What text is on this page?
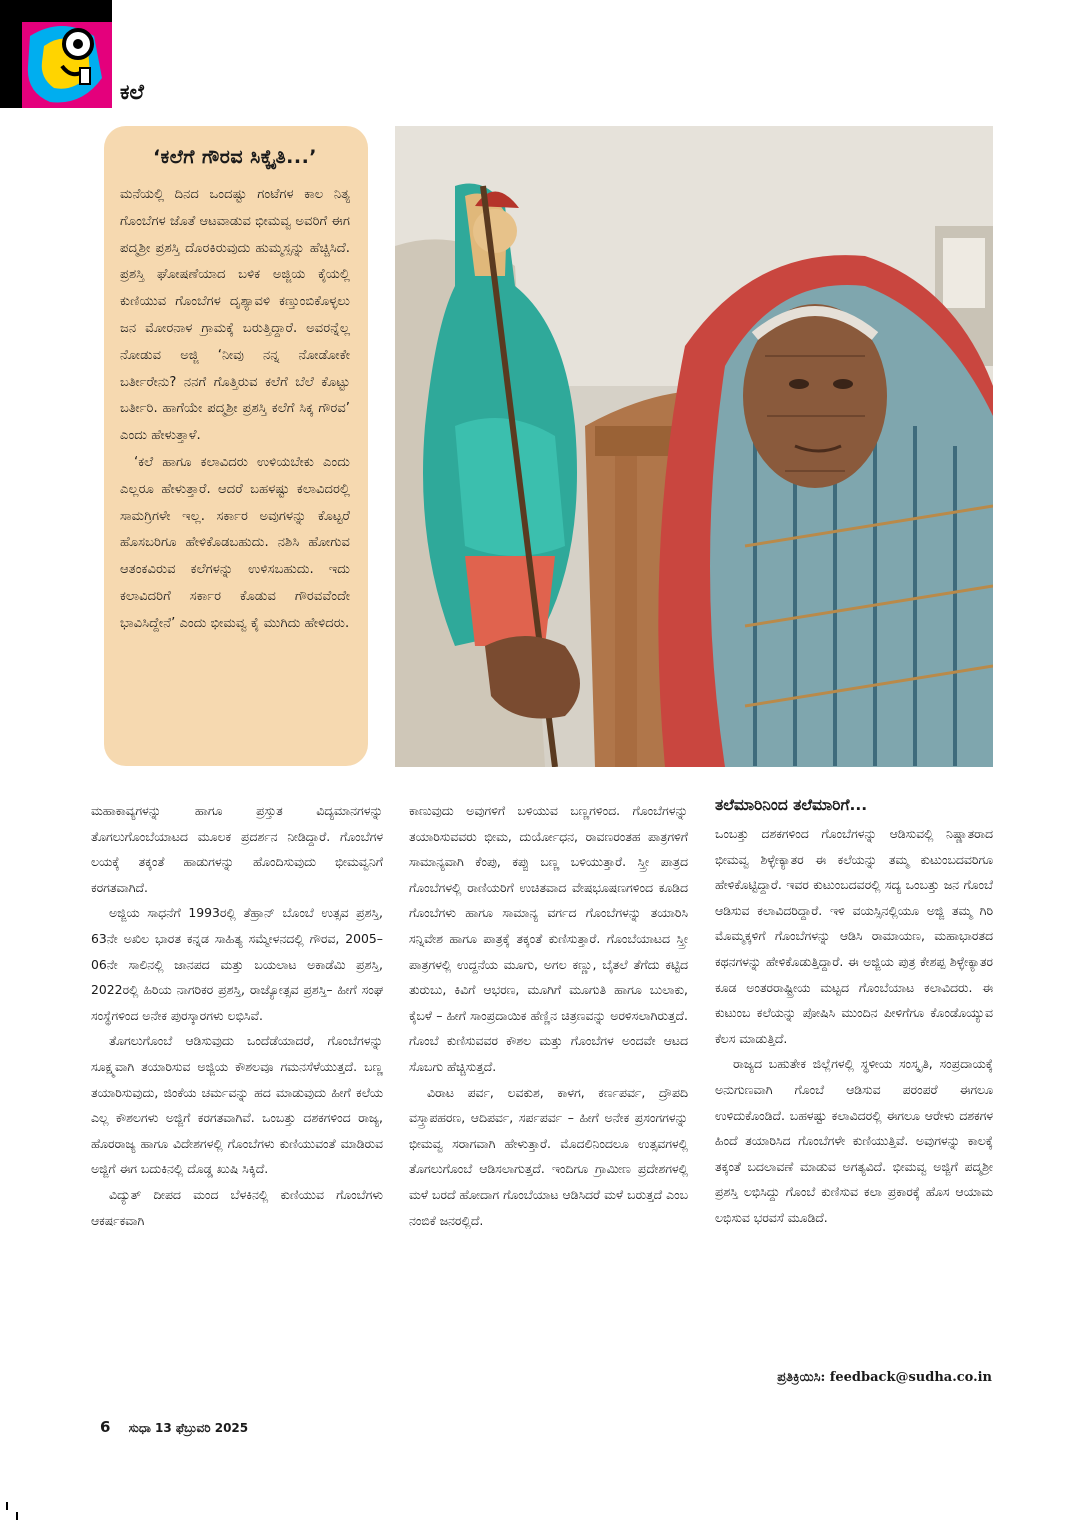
ಕಲೆ
‘ಕಲೆಗೆ ಗೌರವ ಸಿಕ್ಕೈತಿ...’

ಮನೆಯಲ್ಲಿ ದಿನದ ಒಂದಷ್ಟು ಗಂಟೆಗಳ ಕಾಲ ನಿತ್ಯ ಗೊಂಬೆಗಳ ಜೊತೆ ಆಟವಾಡುವ ಭೀಮವ್ವ ಅವರಿಗೆ ಈಗ ಪದ್ಮಶ್ರೀ ಪ್ರಶಸ್ತಿ ದೊರಕಿರುವುದು ಹುಮ್ಮಸ್ಸನ್ನು ಹೆಚ್ಚಿಸಿದೆ. ಪ್ರಶಸ್ತಿ ಘೋಷಣೆಯಾದ ಬಳಿಕ ಅಜ್ಜಿಯ ಕೈಯಲ್ಲಿ ಕುಣಿಯುವ ಗೊಂಬೆಗಳ ದೃಶ್ಯಾವಳಿ ಕಣ್ತುಂಬಿಕೊಳ್ಳಲು ಜನ ಮೋರನಾಳ ಗ್ರಾಮಕ್ಕೆ ಬರುತ್ತಿದ್ದಾರೆ. ಅವರನ್ನೆಲ್ಲ ನೋಡುವ ಅಜ್ಜಿ ‘ನೀವು ನನ್ನ ನೋಡೋಕೇ ಬರ್ತೀರೇನು? ನನಗೆ ಗೊತ್ತಿರುವ ಕಲೆಗೆ ಬೆಲೆ ಕೊಟ್ಟು ಬರ್ತೀರಿ. ಹಾಗೆಯೇ ಪದ್ಮಶ್ರೀ ಪ್ರಶಸ್ತಿ ಕಲೆಗೆ ಸಿಕ್ಕ ಗೌರವ’ ಎಂದು ಹೇಳುತ್ತಾಳೆ.

‘ಕಲೆ ಹಾಗೂ ಕಲಾವಿದರು ಉಳಿಯಬೇಕು ಎಂದು ಎಲ್ಲರೂ ಹೇಳುತ್ತಾರೆ. ಆದರೆ ಬಹಳಷ್ಟು ಕಲಾವಿದರಲ್ಲಿ ಸಾಮಗ್ರಿಗಳೇ ಇಲ್ಲ. ಸರ್ಕಾರ ಅವುಗಳನ್ನು ಕೊಟ್ಟರೆ ಹೊಸಬರಿಗೂ ಹೇಳಿಕೊಡಬಹುದು. ನಶಿಸಿ ಹೋಗುವ ಆತಂಕವಿರುವ ಕಲೆಗಳನ್ನು ಉಳಿಸಬಹುದು. ಇದು ಕಲಾವಿದರಿಗೆ ಸರ್ಕಾರ ಕೊಡುವ ಗೌರವವೆಂದೇ ಭಾವಿಸಿದ್ದೇನೆ’ ಎಂದು ಭೀಮವ್ವ ಕೈ ಮುಗಿದು ಹೇಳಿದರು.

ಮಹಾಕಾವ್ಯಗಳನ್ನು ಹಾಗೂ ಪ್ರಸ್ತುತ ವಿದ್ಯಮಾನಗಳನ್ನು ತೊಗಲುಗೊಂಬೆಯಾಟದ ಮೂಲಕ ಪ್ರದರ್ಶನ ನೀಡಿದ್ದಾರೆ. ಗೊಂಬೆಗಳ ಲಯಕ್ಕೆ ತಕ್ಕಂತೆ ಹಾಡುಗಳನ್ನು ಹೊಂದಿಸುವುದು ಭೀಮವ್ವನಿಗೆ ಕರಗತವಾಗಿದೆ.

ಅಜ್ಜಿಯ ಸಾಧನೆಗೆ 1993ರಲ್ಲಿ ತೆಹ್ರಾನ್ ಬೊಂಬೆ ಉತ್ಸವ ಪ್ರಶಸ್ತಿ, 63ನೇ ಅಖಿಲ ಭಾರತ ಕನ್ನಡ ಸಾಹಿತ್ಯ ಸಮ್ಮೇಳನದಲ್ಲಿ ಗೌರವ, 2005–06ನೇ ಸಾಲಿನಲ್ಲಿ ಜಾನಪದ ಮತ್ತು ಬಯಲಾಟ ಅಕಾಡೆಮಿ ಪ್ರಶಸ್ತಿ, 2022ರಲ್ಲಿ ಹಿರಿಯ ನಾಗರಿಕರ ಪ್ರಶಸ್ತಿ, ರಾಜ್ಯೋತ್ಸವ ಪ್ರಶಸ್ತಿ– ಹೀಗೆ ಸಂಘ ಸಂಸ್ಥೆಗಳಿಂದ ಅನೇಕ ಪುರಸ್ಕಾರಗಳು ಲಭಿಸಿವೆ.

ತೊಗಲುಗೊಂಬೆ ಆಡಿಸುವುದು ಒಂದೆಡೆಯಾದರೆ, ಗೊಂಬೆಗಳನ್ನು ಸೂಕ್ಷ್ಮವಾಗಿ ತಯಾರಿಸುವ ಅಜ್ಜಿಯ ಕೌಶಲವೂ ಗಮನಸೆಳೆಯುತ್ತದೆ. ಬಣ್ಣ ತಯಾರಿಸುವುದು, ಜಿಂಕೆಯ ಚರ್ಮವನ್ನು ಹದ ಮಾಡುವುದು ಹೀಗೆ ಕಲೆಯ ಎಲ್ಲ ಕೌಶಲಗಳು ಅಜ್ಜಿಗೆ ಕರಗತವಾಗಿವೆ. ಒಂಬತ್ತು ದಶಕಗಳಿಂದ ರಾಜ್ಯ, ಹೊರರಾಜ್ಯ ಹಾಗೂ ವಿದೇಶಗಳಲ್ಲಿ ಗೊಂಬೆಗಳು ಕುಣಿಯುವಂತೆ ಮಾಡಿರುವ ಅಜ್ಜಿಗೆ ಈಗ ಬದುಕಿನಲ್ಲಿ ದೊಡ್ಡ ಖುಷಿ ಸಿಕ್ಕಿದೆ.

ವಿದ್ಯುತ್ ದೀಪದ ಮಂದ ಬೆಳಕಿನಲ್ಲಿ ಕುಣಿಯುವ ಗೊಂಬೆಗಳು ಆಕರ್ಷಕವಾಗಿ

ಕಾಣುವುದು ಅವುಗಳಿಗೆ ಬಳಿಯುವ ಬಣ್ಣಗಳಿಂದ. ಗೊಂಬೆಗಳನ್ನು ತಯಾರಿಸುವವರು ಭೀಮ, ದುರ್ಯೋಧನ, ರಾವಣರಂತಹ ಪಾತ್ರಗಳಿಗೆ ಸಾಮಾನ್ಯವಾಗಿ ಕೆಂಪು, ಕಪ್ಪು ಬಣ್ಣ ಬಳಿಯುತ್ತಾರೆ. ಸ್ತ್ರೀ ಪಾತ್ರದ ಗೊಂಬೆಗಳಲ್ಲಿ ರಾಣಿಯರಿಗೆ ಉಚಿತವಾದ ವೇಷಭೂಷಣಗಳಿಂದ ಕೂಡಿದ ಗೊಂಬೆಗಳು ಹಾಗೂ ಸಾಮಾನ್ಯ ವರ್ಗದ ಗೊಂಬೆಗಳನ್ನು ತಯಾರಿಸಿ ಸನ್ನಿವೇಶ ಹಾಗೂ ಪಾತ್ರಕ್ಕೆ ತಕ್ಕಂತೆ ಕುಣಿಸುತ್ತಾರೆ. ಗೊಂಬೆಯಾಟದ ಸ್ತ್ರೀ ಪಾತ್ರಗಳಲ್ಲಿ ಉದ್ದನೆಯ ಮೂಗು, ಅಗಲ ಕಣ್ಣು, ಬೈತಲೆ ತೆಗೆದು ಕಟ್ಟಿದ ತುರುಬು, ಕಿವಿಗೆ ಆಭರಣ, ಮೂಗಿಗೆ ಮೂಗುತಿ ಹಾಗೂ ಬುಲಾಕು, ಕೈಬಳೆ – ಹೀಗೆ ಸಾಂಪ್ರದಾಯಿಕ ಹೆಣ್ಣಿನ ಚಿತ್ರಣವನ್ನು ಅರಳಿಸಲಾಗಿರುತ್ತದೆ. ಗೊಂಬೆ ಕುಣಿಸುವವರ ಕೌಶಲ ಮತ್ತು ಗೊಂಬೆಗಳ ಅಂದವೇ ಆಟದ ಸೊಬಗು ಹೆಚ್ಚಿಸುತ್ತದೆ.

ವಿರಾಟ ಪರ್ವ, ಲವಕುಶ, ಕಾಳಗ, ಕರ್ಣಪರ್ವ, ದ್ರೌಪದಿ ವಸ್ತ್ರಾಪಹರಣ, ಆದಿಪರ್ವ, ಸರ್ಪಪರ್ವ – ಹೀಗೆ ಅನೇಕ ಪ್ರಸಂಗಗಳನ್ನು ಭೀಮವ್ವ ಸರಾಗವಾಗಿ ಹೇಳುತ್ತಾರೆ. ಮೊದಲಿನಿಂದಲೂ ಉತ್ಸವಗಳಲ್ಲಿ ತೊಗಲುಗೊಂಬೆ ಆಡಿಸಲಾಗುತ್ತದೆ. ಇಂದಿಗೂ ಗ್ರಾಮೀಣ ಪ್ರದೇಶಗಳಲ್ಲಿ ಮಳೆ ಬರದೆ ಹೋದಾಗ ಗೊಂಬೆಯಾಟ ಆಡಿಸಿದರೆ ಮಳೆ ಬರುತ್ತದೆ ಎಂಬ ನಂಬಿಕೆ ಜನರಲ್ಲಿದೆ.

ತಲೆಮಾರಿನಿಂದ ತಲೆಮಾರಿಗೆ...

ಒಂಬತ್ತು ದಶಕಗಳಿಂದ ಗೊಂಬೆಗಳನ್ನು ಆಡಿಸುವಲ್ಲಿ ನಿಷ್ಣಾತರಾದ ಭೀಮವ್ವ ಶಿಳ್ಳೇಕ್ಯಾತರ ಈ ಕಲೆಯನ್ನು ತಮ್ಮ ಕುಟುಂಬದವರಿಗೂ ಹೇಳಿಕೊಟ್ಟಿದ್ದಾರೆ. ಇವರ ಕುಟುಂಬದವರಲ್ಲಿ ಸದ್ಯ ಒಂಬತ್ತು ಜನ ಗೊಂಬೆ ಆಡಿಸುವ ಕಲಾವಿದರಿದ್ದಾರೆ. ಇಳಿ ವಯಸ್ಸಿನಲ್ಲಿಯೂ ಅಜ್ಜಿ ತಮ್ಮ ಗಿರಿ ಮೊಮ್ಮಕ್ಕಳಿಗೆ ಗೊಂಬೆಗಳನ್ನು ಆಡಿಸಿ ರಾಮಾಯಣ, ಮಹಾಭಾರತದ ಕಥನಗಳನ್ನು ಹೇಳಿಕೊಡುತ್ತಿದ್ದಾರೆ. ಈ ಅಜ್ಜಿಯ ಪುತ್ರ ಕೇಶಪ್ಪ ಶಿಳ್ಳೇಕ್ಯಾತರ ಕೂಡ ಅಂತರರಾಷ್ಟ್ರೀಯ ಮಟ್ಟದ ಗೊಂಬೆಯಾಟ ಕಲಾವಿದರು. ಈ ಕುಟುಂಬ ಕಲೆಯನ್ನು ಪೋಷಿಸಿ ಮುಂದಿನ ಪೀಳಿಗೆಗೂ ಕೊಂಡೊಯ್ಯುವ ಕೆಲಸ ಮಾಡುತ್ತಿದೆ.

ರಾಜ್ಯದ ಬಹುತೇಕ ಜಿಲ್ಲೆಗಳಲ್ಲಿ ಸ್ಥಳೀಯ ಸಂಸ್ಕೃತಿ, ಸಂಪ್ರದಾಯಕ್ಕೆ ಅನುಗುಣವಾಗಿ ಗೊಂಬೆ ಆಡಿಸುವ ಪರಂಪರೆ ಈಗಲೂ ಉಳಿದುಕೊಂಡಿದೆ. ಬಹಳಷ್ಟು ಕಲಾವಿದರಲ್ಲಿ ಈಗಲೂ ಆರೇಳು ದಶಕಗಳ ಹಿಂದೆ ತಯಾರಿಸಿದ ಗೊಂಬೆಗಳೇ ಕುಣಿಯುತ್ತಿವೆ. ಅವುಗಳನ್ನು ಕಾಲಕ್ಕೆ ತಕ್ಕಂತೆ ಬದಲಾವಣೆ ಮಾಡುವ ಅಗತ್ಯವಿದೆ. ಭೀಮವ್ವ ಅಜ್ಜಿಗೆ ಪದ್ಮಶ್ರೀ ಪ್ರಶಸ್ತಿ ಲಭಿಸಿದ್ದು ಗೊಂಬೆ ಕುಣಿಸುವ ಕಲಾ ಪ್ರಕಾರಕ್ಕೆ ಹೊಸ ಆಯಾಮ ಲಭಿಸುವ ಭರವಸೆ ಮೂಡಿದೆ.

ಪ್ರತಿಕ್ರಿಯಿಸಿ: feedback@sudha.co.in
6 ಸುಧಾ 13 ಫೆಬ್ರುವರಿ 2025
